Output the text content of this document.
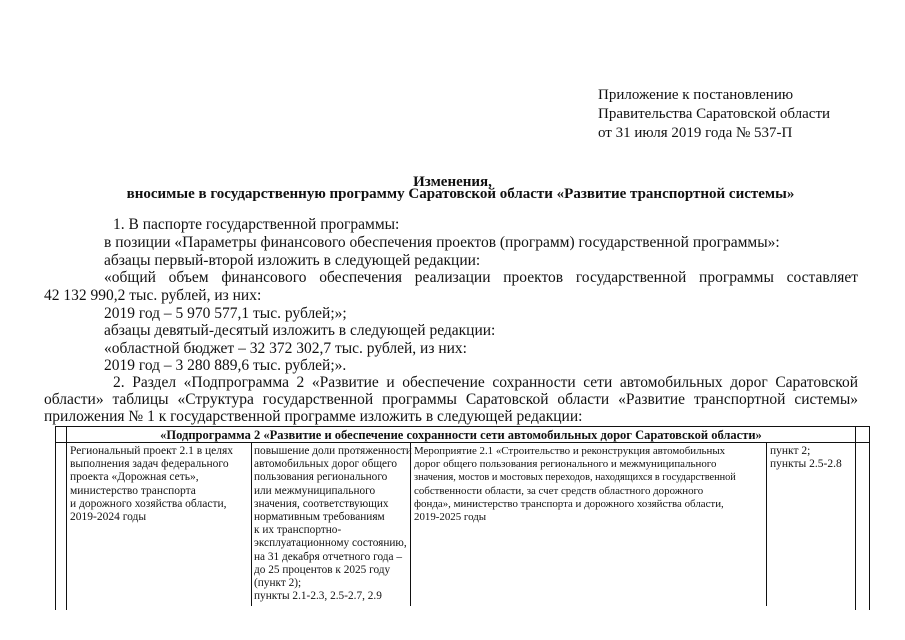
Приложение к постановлению
Правительства Саратовской области
от 31 июля 2019 года № 537-П
Изменения,
вносимые в государственную программу Саратовской области «Развитие транспортной системы»
1. В паспорте государственной программы:
в позиции «Параметры финансового обеспечения проектов (программ) государственной программы»:
абзацы первый-второй изложить в следующей редакции:
«общий объем финансового обеспечения реализации проектов государственной программы составляет
42 132 990,2 тыс. рублей, из них:
2019 год – 5 970 577,1 тыс. рублей;»;
абзацы девятый-десятый изложить в следующей редакции:
«областной бюджет – 32 372 302,7 тыс. рублей, из них:
2019 год – 3 280 889,6 тыс. рублей;».
2. Раздел «Подпрограмма 2 «Развитие и обеспечение сохранности сети автомобильных дорог Саратовской
области» таблицы «Структура государственной программы Саратовской области «Развитие транспортной системы»
приложения № 1 к государственной программе изложить в следующей редакции:
«Подпрограмма 2 «Развитие и обеспечение сохранности сети автомобильных дорог Саратовской области»
Региональный проект 2.1 в целях
выполнения задач федерального
проекта «Дорожная сеть»,
министерство транспорта
и дорожного хозяйства области,
2019-2024 годы
повышение доли протяженности
автомобильных дорог общего
пользования регионального
или межмуниципального
значения, соответствующих
нормативным требованиям
к их транспортно-
эксплуатационному состоянию,
на 31 декабря отчетного года –
до 25 процентов к 2025 году
(пункт 2);
пункты 2.1-2.3, 2.5-2.7, 2.9
Мероприятие 2.1 «Строительство и реконструкция автомобильных
дорог общего пользования регионального и межмуниципального
значения, мостов и мостовых переходов, находящихся в государственной
собственности области, за счет средств областного дорожного
фонда», министерство транспорта и дорожного хозяйства области,
2019-2025 годы
пункт 2;
пункты 2.5-2.8
